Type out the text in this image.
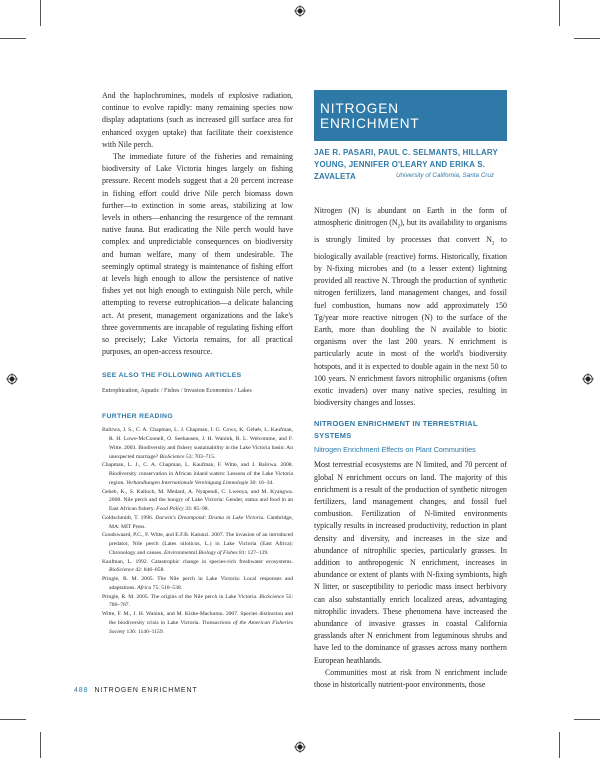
And the haplochromines, models of explosive radiation, continue to evolve rapidly: many remaining species now display adaptations (such as increased gill surface area for enhanced oxygen uptake) that facilitate their coexistence with Nile perch.

The immediate future of the fisheries and remaining biodiversity of Lake Victoria hinges largely on fishing pressure. Recent models suggest that a 20 percent increase in fishing effort could drive Nile perch biomass down further—to extinction in some areas, stabilizing at low levels in others—enhancing the resurgence of the remnant native fauna. But eradicating the Nile perch would have complex and unpredictable consequences on biodiversity and human welfare, many of them undesirable. The seemingly optimal strategy is maintenance of fishing effort at levels high enough to allow the persistence of native fishes yet not high enough to extinguish Nile perch, while attempting to reverse eutrophication—a delicate balancing act. At present, management organizations and the lake's three governments are incapable of regulating fishing effort so precisely; Lake Victoria remains, for all practical purposes, an open-access resource.

SEE ALSO THE FOLLOWING ARTICLES

Eutrophication, Aquatic / Fishes / Invasion Economics / Lakes

FURTHER READING

Balirwa, J. S., C. A. Chapman, L. J. Chapman, I. G. Cowx, K. Geheb, L. Kaufman, R. H. Lowe-McConnell, O. Seehausen, J. H. Wanink, R. L. Welcomme, and F. Witte. 2003. Biodiversity and fishery sustainability in the Lake Victoria basin: An unexpected marriage? BioScience 53: 703–715.

Chapman, L. J., C. A. Chapman, L. Kaufman, F. Witte, and J. Balirwa. 2008. Biodiversity conservation in African inland waters: Lessons of the Lake Victoria region. Verhandlungen Internationale Vereinigung Limnologie 30: 16–34.

Geheb, K., S. Kalloch, M. Medard, A. Nyapendi, C. Lwenya, and M. Kyangwa. 2008. Nile perch and the hungry of Lake Victoria: Gender, status and food in an East African fishery. Food Policy 33: 85–98.

Goldschmidt, T. 1996. Darwin's Dreampond: Drama in Lake Victoria. Cambridge, MA: MIT Press.

Goudswaard, P.C., F. Witte, and E.F.B. Katunzi. 2007. The invasion of an introduced predator, Nile perch (Lates niloticus, L.) in Lake Victoria (East Africa): Chronology and causes. Environmental Biology of Fishes 81: 127–139.

Kaufman, L. 1992. Catastrophic change in species-rich freshwater ecosystems. BioScience 42: 846–858.

Pringle, R. M. 2005. The Nile perch in Lake Victoria: Local responses and adaptations. Africa 75: 510–538.

Pringle, R. M. 2005. The origins of the Nile perch in Lake Victoria. BioScience 55: 780–787.

Witte, F. M., J. H. Wanink, and M. Kishe-Machumu. 2007. Species distinction and the biodiversity crisis in Lake Victoria. Transactions of the American Fisheries Society 136: 1146–1159.

NITROGEN ENRICHMENT
JAE R. PASARI, PAUL C. SELMANTS, HILLARY YOUNG, JENNIFER O'LEARY AND ERIKA S. ZAVALETA	University of California, Santa Cruz

Nitrogen (N) is abundant on Earth in the form of atmospheric dinitrogen $(N_2)$, but its availability to organisms is strongly limited by processes that convert $N_2$ to biologically available (reactive) forms. Historically, fixation by N-fixing microbes and (to a lesser extent) lightning provided all reactive N. Through the production of synthetic nitrogen fertilizers, land management changes, and fossil fuel combustion, humans now add approximately 150 Tg/year more reactive nitrogen (N) to the surface of the Earth, more than doubling the N available to biotic organisms over the last 200 years. N enrichment is particularly acute in most of the world's biodiversity hotspots, and it is expected to double again in the next 50 to 100 years. N enrichment favors nitrophilic organisms (often exotic invaders) over many native species, resulting in biodiversity changes and losses.

NITROGEN ENRICHMENT IN TERRESTRIAL SYSTEMS

Nitrogen Enrichment Effects on Plant Communities

Most terrestrial ecosystems are N limited, and 70 percent of global N enrichment occurs on land. The majority of this enrichment is a result of the production of synthetic nitrogen fertilizers, land management changes, and fossil fuel combustion. Fertilization of N-limited environments typically results in increased productivity, reduction in plant density and diversity, and increases in the size and abundance of nitrophilic species, particularly grasses. In addition to anthropogenic N enrichment, increases in abundance or extent of plants with N-fixing symbionts, high N litter, or susceptibility to periodic mass insect herbivory can also substantially enrich localized areas, advantaging nitrophilic invaders. These phenomena have increased the abundance of invasive grasses in coastal California grasslands after N enrichment from leguminous shrubs and have led to the dominance of grasses across many northern European heathlands.

Communities most at risk from N enrichment include those in historically nutrient-poor environments, those

488 NITROGEN ENRICHMENT
